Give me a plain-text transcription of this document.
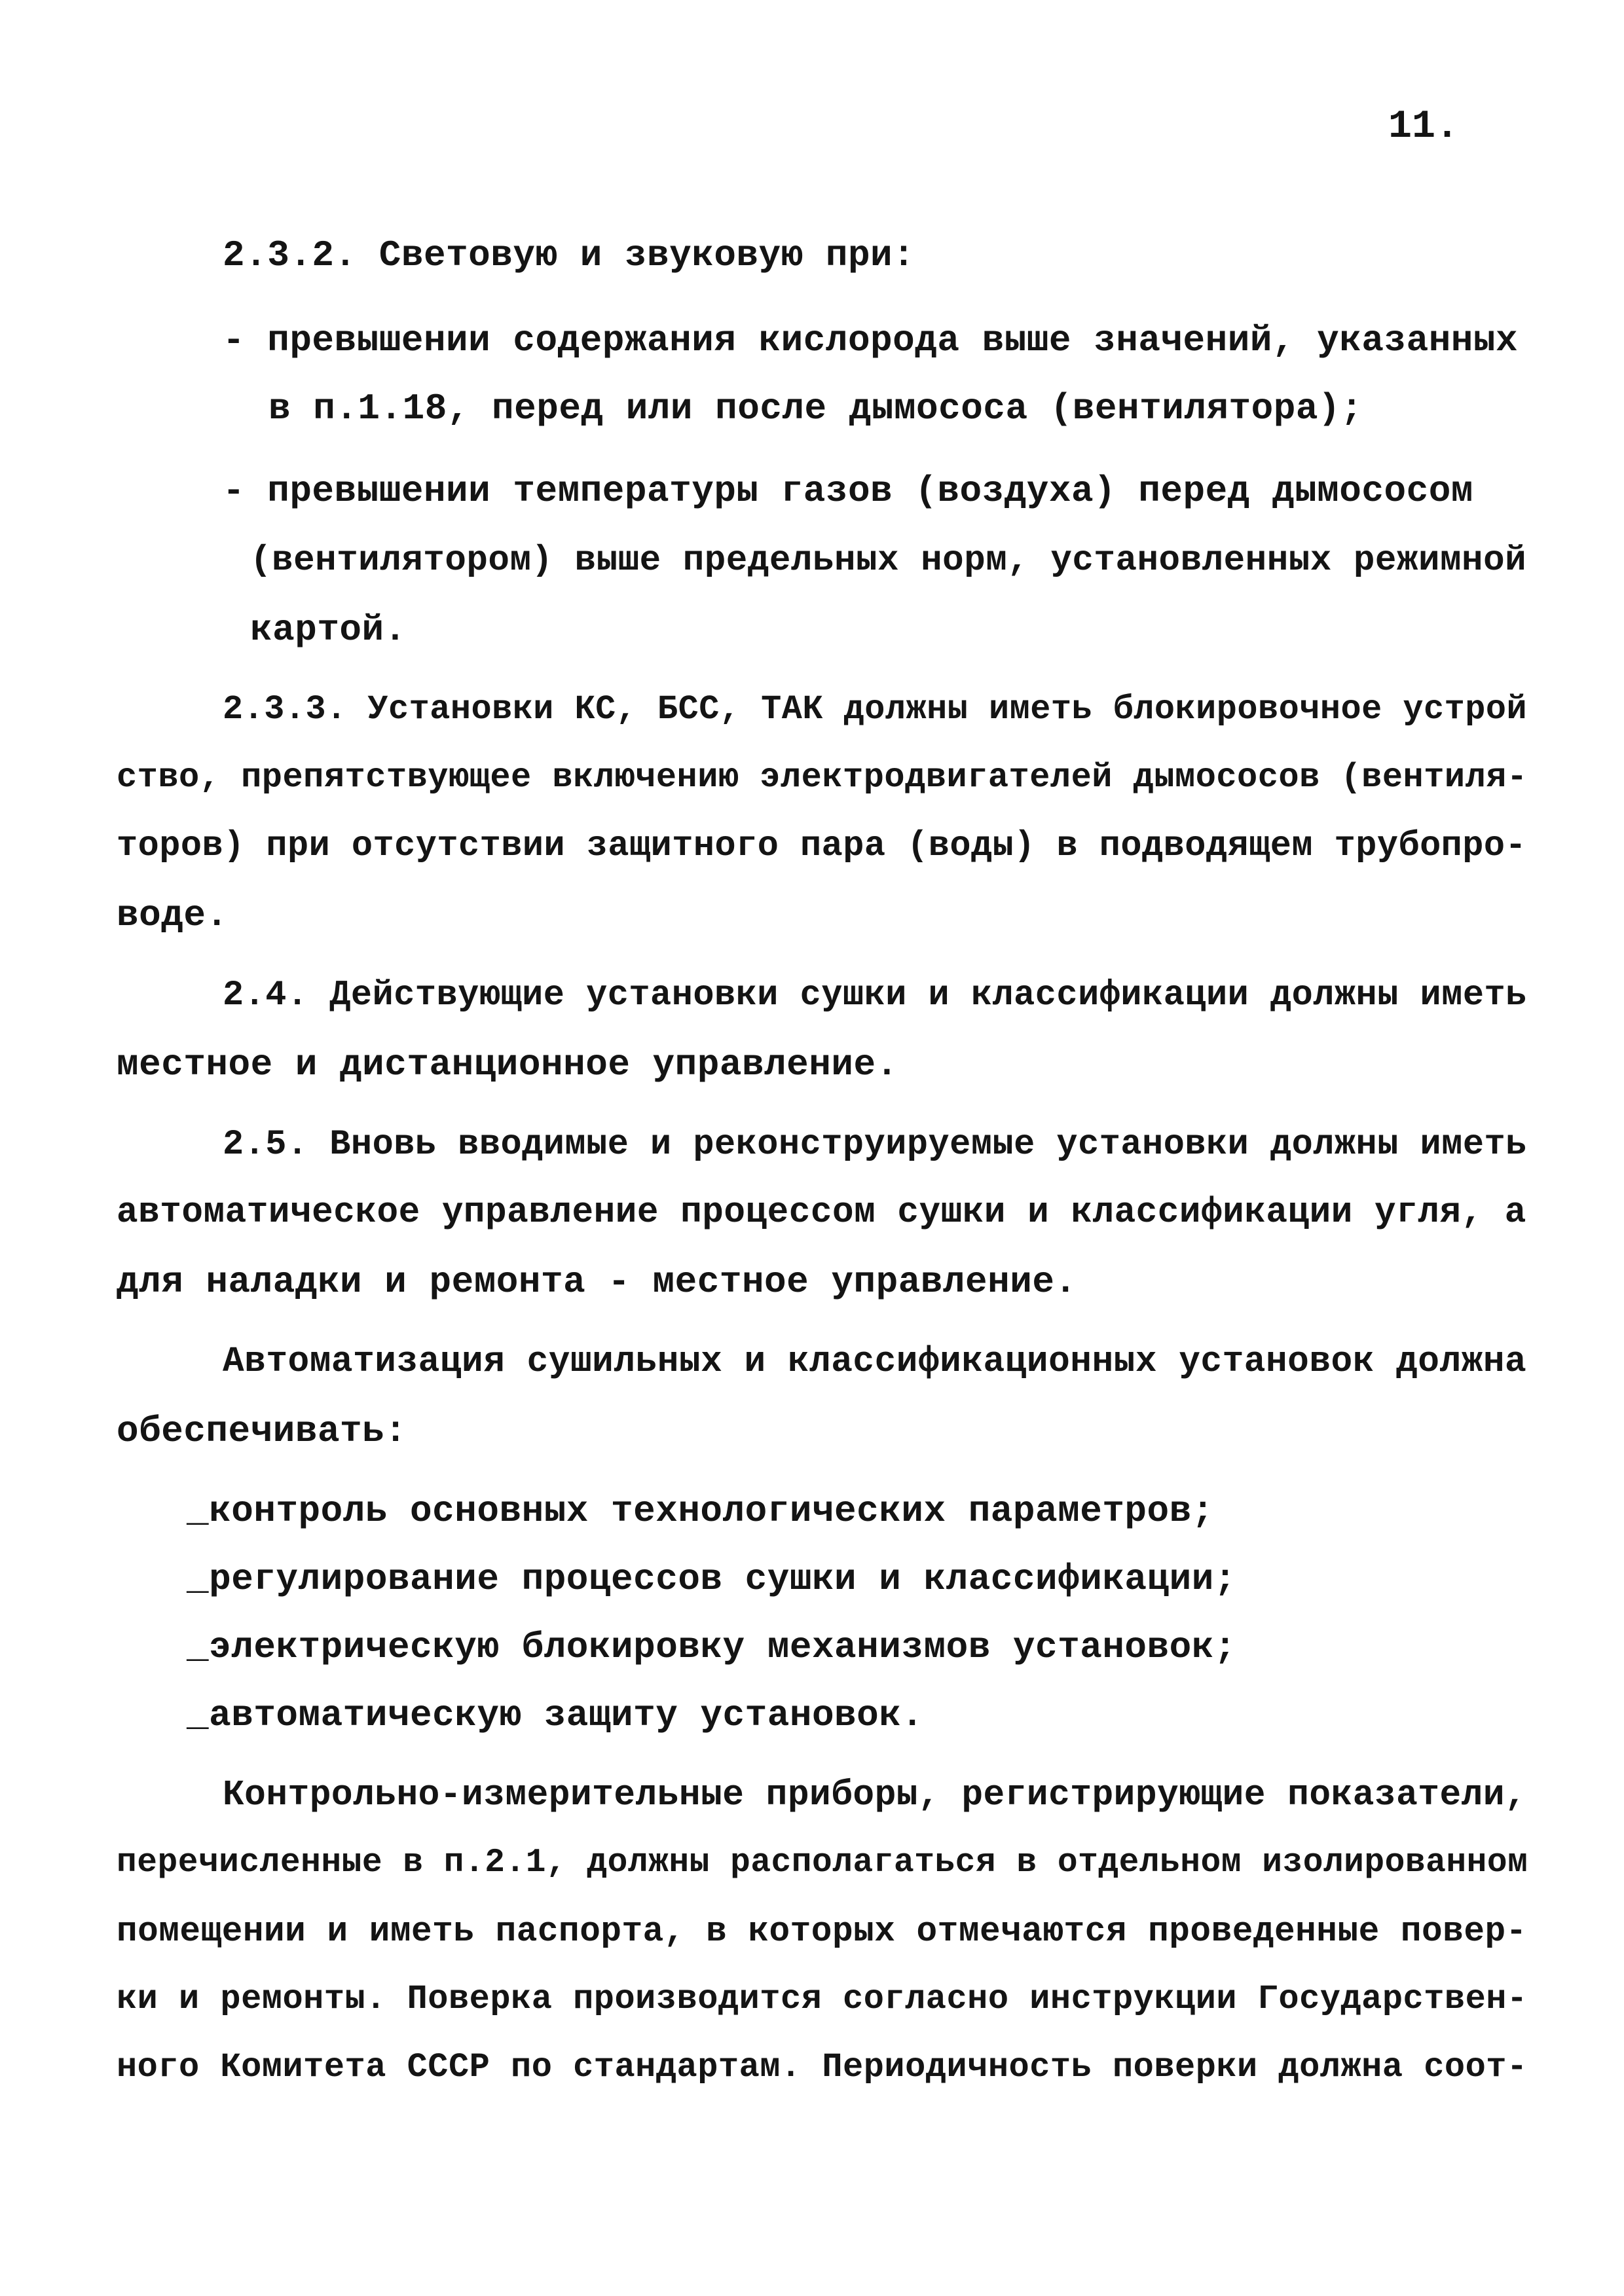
11.
2.3.2. Световую и звуковую при:
- превышении содержания кислорода выше значений, указанных
в п.1.18, перед или после дымососа (вентилятора);
- превышении температуры газов (воздуха) перед дымососом
(вентилятором) выше предельных норм, установленных режимной
картой.
2.3.3. Установки КС, БСС, ТАК должны иметь блокировочное устрой
ство, препятствующее включению электродвигателей дымососов (вентиля-
торов) при отсутствии защитного пара (воды) в подводящем трубопро-
воде.
2.4. Действующие установки сушки и классификации должны иметь
местное и дистанционное управление.
2.5. Вновь вводимые и реконструируемые установки должны иметь
автоматическое управление процессом сушки и классификации угля, а
для наладки и ремонта - местное управление.
Автоматизация сушильных и классификационных установок должна
обеспечивать:
_контроль основных технологических параметров;
_регулирование процессов сушки и классификации;
_электрическую блокировку механизмов установок;
_автоматическую защиту установок.
Контрольно-измерительные приборы, регистрирующие показатели,
перечисленные в п.2.1, должны располагаться в отдельном изолированном
помещении и иметь паспорта, в которых отмечаются проведенные повер-
ки и ремонты. Поверка производится согласно инструкции Государствен-
ного Комитета СССР по стандартам. Периодичность поверки должна соот-
